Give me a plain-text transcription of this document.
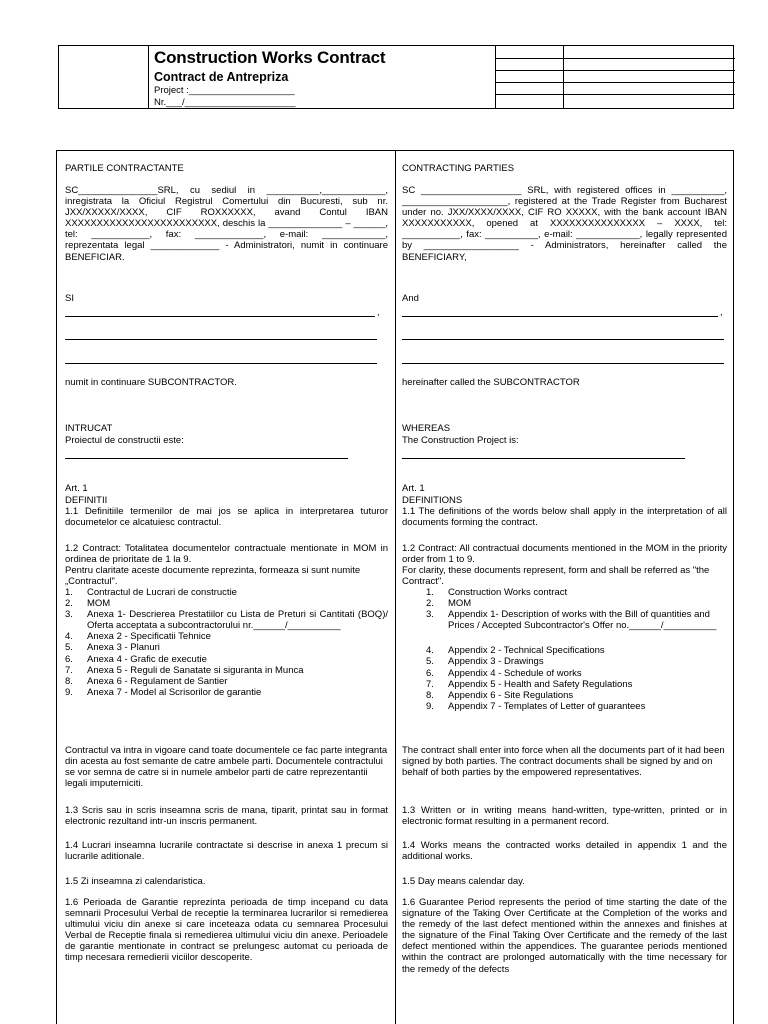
Construction Works Contract
Contract de Antrepriza
Project :____________________
Nr.___/_____________________
PARTILE CONTRACTANTE
SC_______________SRL, cu sediul in __________,____________, inregistrata la Oficiul Registrul Comertului din Bucuresti, sub nr. JXX/XXXXX/XXXX, CIF ROXXXXXX, avand Contul IBAN XXXXXXXXXXXXXXXXXXXXXXXX, deschis la ______________ – ______, tel: ___________, fax: _____________, e-mail: ____________, reprezentata legal _____________ - Administratori, numit in continuare BENEFICIAR.
SI
,
numit in continuare SUBCONTRACTOR.
INTRUCAT
Proiectul de constructii este:
Art. 1
DEFINITII
1.1 Definitiile termenilor de mai jos se aplica in interpretarea tuturor documetelor ce alcatuiesc contractul.
1.2 Contract: Totalitatea documentelor contractuale mentionate in MOM in ordinea de prioritate de 1 la 9.
Pentru claritate aceste documente reprezinta, formeaza si sunt numite „Contractul".
1.	Contractul de Lucrari de constructie
2.	MOM
3.	Anexa 1- Descrierea Prestatiilor cu Lista de Preturi si Cantitati (BOQ)/ Oferta acceptata a subcontractorului nr.______/__________
4.	Anexa 2 - Specificatii Tehnice
5.	Anexa 3 - Planuri
6.	Anexa 4 - Grafic de executie
7.	Anexa 5 - Reguli de Sanatate si siguranta in Munca
8.	Anexa 6 - Regulament de Santier
9.	Anexa 7 - Model al Scrisorilor de garantie
Contractul va intra in vigoare cand toate documentele ce fac parte integranta din acesta au fost semante de catre ambele parti. Documentele contractului se vor semna de catre si in numele ambelor parti de catre reprezentantii legali imputerniciti.
1.3 Scris sau in scris inseamna scris de mana, tiparit, printat sau in format electronic rezultand intr-un inscris permanent.
1.4 Lucrari inseamna lucrarile contractate si descrise in anexa 1 precum si lucrarile aditionale.
1.5 Zi inseamna zi calendaristica.
1.6 Perioada de Garantie reprezinta perioada de timp incepand cu data semnarii Procesului Verbal de receptie la terminarea lucrarilor si remedierea ultimului viciu din anexe si care inceteaza odata cu semnarea Procesului Verbal de Receptie finala si remedierea ultimului viciu din anexe. Perioadele de garantie mentionate in contract se prelungesc automat cu perioada de timp necesara remedierii viciilor descoperite.
CONTRACTING PARTIES
SC ___________________ SRL, with registered offices in __________, ____________________, registered at the Trade Register from Bucharest under no. JXX/XXXX/XXXX, CIF RO XXXXX, with the bank account IBAN XXXXXXXXXXX, opened at XXXXXXXXXXXXXXX – XXXX, tel: ___________, fax: __________, e-mail: ____________, legally represented by __________________ - Administrators, hereinafter called the BENEFICIARY,
And
,
hereinafter called the SUBCONTRACTOR
WHEREAS
The Construction Project is:
Art. 1
DEFINITIONS
1.1 The definitions of the words below shall apply in the interpretation of all documents forming the contract.
1.2 Contract: All contractual documents mentioned in the MOM in the priority order from 1 to 9.
For clarity, these documents represent, form and shall be referred as "the Contract".
1.	Construction Works contract
2.	MOM
3.	Appendix 1- Description of works with the Bill of quantities and Prices / Accepted Subcontractor's Offer no.______/__________
4.	Appendix 2 - Technical Specifications
5.	Appendix 3 - Drawings
6.	Appendix 4 - Schedule of works
7.	Appendix 5 - Health and Safety Regulations
8.	Appendix 6 - Site Regulations
9.	Appendix 7 - Templates of Letter of guarantees
The contract shall enter into force when all the documents part of it had been signed by both parties. The contract documents shall be signed by and on behalf of both parties by the empowered representatives.
1.3 Written or in writing means hand-written, type-written, printed or in electronic format resulting in a permanent record.
1.4 Works means the contracted works detailed in appendix 1 and the additional works.
1.5 Day means calendar day.
1.6 Guarantee Period represents the period of time starting the date of the signature of the Taking Over Certificate at the Completion of the works and the remedy of the last defect mentioned within the annexes and finishes at the signature of the Final Taking Over Certificate and the remedy of the last defect mentioned within the appendices. The guarantee periods mentioned within the contract are prolonged automatically with the time necessary for the remedy of the defects
